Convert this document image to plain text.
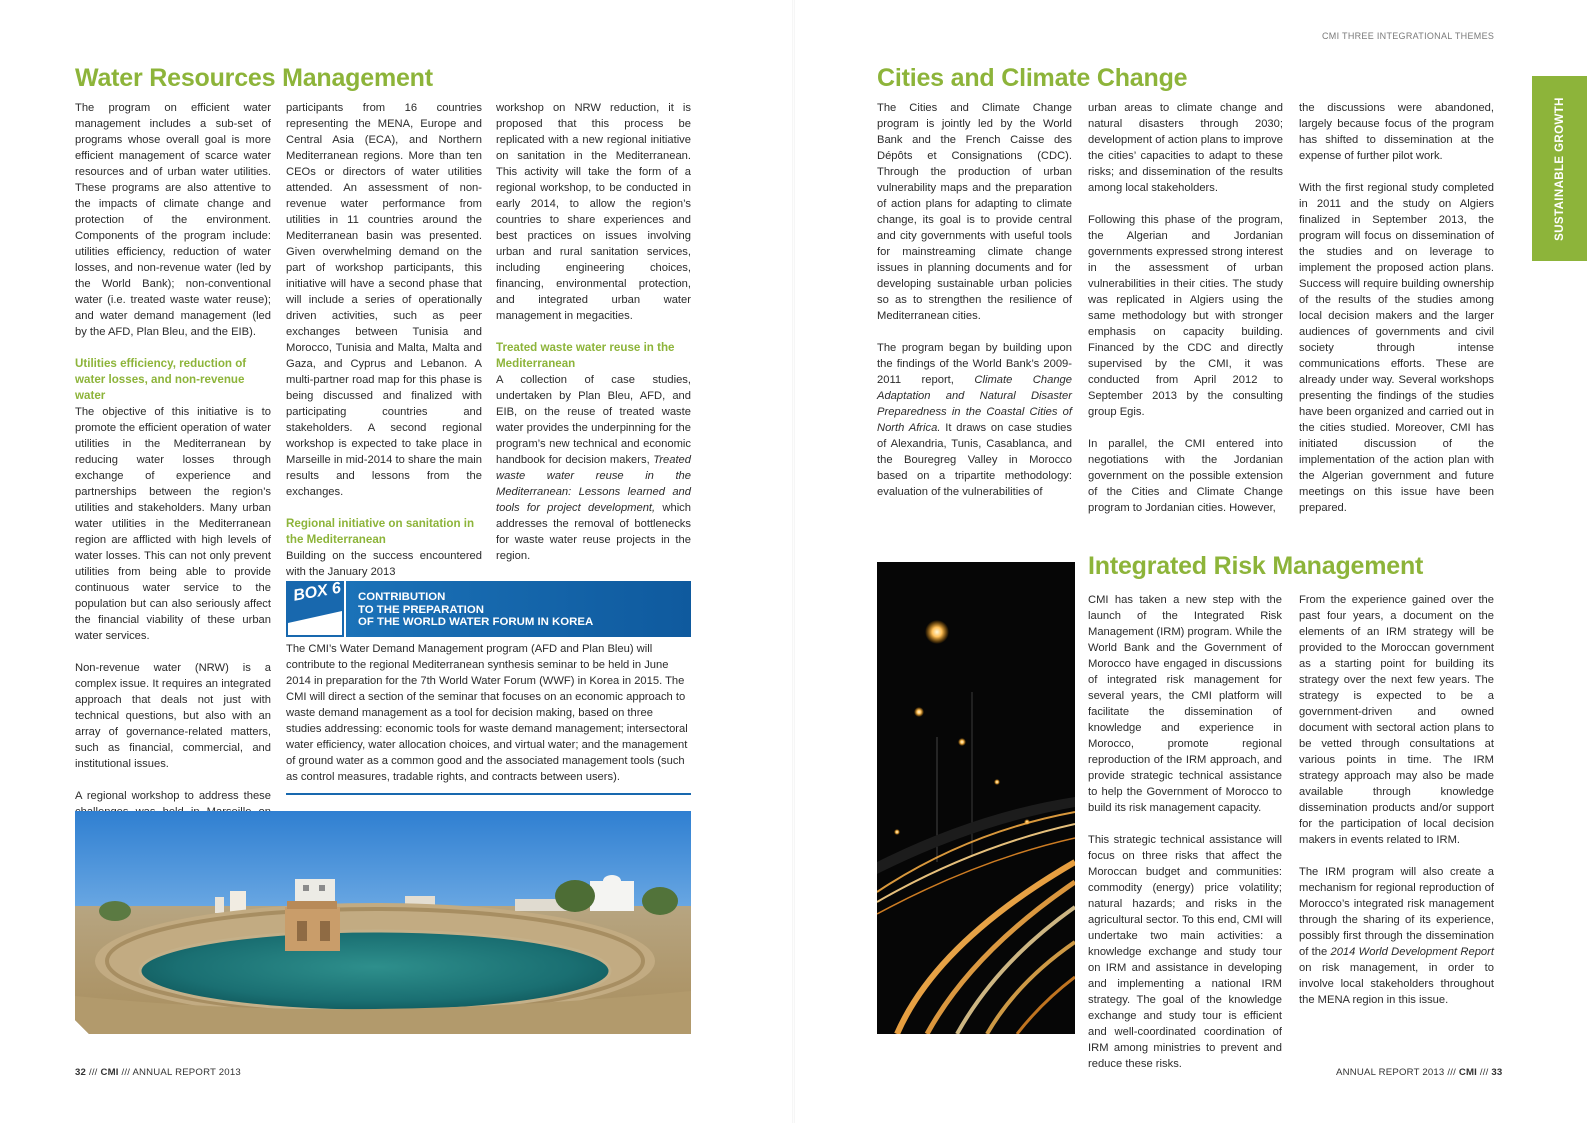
Water Resources Management

The program on efficient water management includes a sub-set of programs whose overall goal is more efficient management of scarce water resources and of urban water utilities. These programs are also attentive to the impacts of climate change and protection of the environment. Components of the program include: utilities efficiency, reduction of water losses, and non-revenue water (led by the World Bank); non-conventional water (i.e. treated waste water reuse); and water demand management (led by the AFD, Plan Bleu, and the EIB).

Utilities efficiency, reduction of water losses, and non-revenue water

The objective of this initiative is to promote the efficient operation of water utilities in the Mediterranean by reducing water losses through exchange of experience and partnerships between the region’s utilities and stakeholders. Many urban water utilities in the Mediterranean region are afflicted with high levels of water losses. This can not only prevent utilities from being able to provide continuous water service to the population but can also seriously affect the financial viability of these urban water services.

Non-revenue water (NRW) is a complex issue. It requires an integrated approach that deals not just with technical questions, but also with an array of governance-related matters, such as financial, commercial, and institutional issues.

A regional workshop to address these

participants from 16 countries representing the MENA, Europe and Central Asia (ECA), and Northern Mediterranean regions. More than ten CEOs or directors of water utilities attended. An assessment of non-revenue water performance from utilities in 11 countries around the Mediterranean basin was presented. Given overwhelming demand on the part of workshop participants, this initiative will have a second phase that will include a series of operationally driven activities, such as peer exchanges between Tunisia and Morocco, Tunisia and Malta, Malta and Gaza, and Cyprus and Lebanon. A multi-partner road map for this phase is being discussed and finalized with participating countries and stakeholders. A second regional workshop is expected to take place in Marseille in mid-2014 to share the main results and lessons from the exchanges.

Regional initiative on sanitation in the Mediterranean

Building on the success encountered with the January 2013

workshop on NRW reduction, it is proposed that this process be replicated with a new regional initiative on sanitation in the Mediterranean. This activity will take the form of a regional workshop, to be conducted in early 2014, to allow the region’s countries to share experiences and best practices on issues involving urban and rural sanitation services, including engineering choices, financing, environmental protection, and integrated urban water management in megacities.

Treated waste water reuse in the Mediterranean

A collection of case studies, undertaken by Plan Bleu, AFD, and EIB, on the reuse of treated waste water provides the underpinning for the program’s new technical and economic handbook for decision makers, Treated waste water reuse in the Mediterranean: Lessons learned and tools for project development, which addresses the removal of bottlenecks for waste water reuse projects in the region.

BOX 6 CONTRIBUTION
TO THE PREPARATION
OF THE WORLD WATER FORUM IN KOREA
The CMI’s Water Demand Management program (AFD and Plan Bleu) will contribute to the regional Mediterranean synthesis seminar to be held in June 2014 in preparation for the 7th World Water Forum (WWF) in Korea in 2015. The CMI will direct a section of the seminar that focuses on an economic approach to waste demand management as a tool for decision making, based on three studies addressing: economic tools for waste demand management; intersectoral water efficiency, water allocation choices, and virtual water; and the management of ground water as a common good and the associated management tools (such as control measures, tradable rights, and contracts between users).
32 /// CMI /// ANNUAL REPORT 2013
CMI THREE INTEGRATIONAL THEMES
SUSTAINABLE GROWTH
Cities and Climate Change

The Cities and Climate Change program is jointly led by the World Bank and the French Caisse des Dépôts et Consignations (CDC). Through the production of urban vulnerability maps and the preparation of action plans for adapting to climate change, its goal is to provide central and city governments with useful tools for mainstreaming climate change issues in planning documents and for developing sustainable urban policies so as to strengthen the resilience of Mediterranean cities.

The program began by building upon the findings of the World Bank’s 2009-2011 report, Climate Change Adaptation and Natural Disaster Preparedness in the Coastal Cities of North Africa. It draws on case studies of Alexandria, Tunis, Casablanca, and the Bouregreg Valley in Morocco based on a tripartite methodology: evaluation of the vulnerabilities of

urban areas to climate change and natural disasters through 2030; development of action plans to improve the cities’ capacities to adapt to these risks; and dissemination of the results among local stakeholders.

Following this phase of the program, the Algerian and Jordanian governments expressed strong interest in the assessment of urban vulnerabilities in their cities. The study was replicated in Algiers using the same methodology but with stronger emphasis on capacity building. Financed by the CDC and directly supervised by the CMI, it was conducted from April 2012 to September 2013 by the consulting group Egis.

In parallel, the CMI entered into negotiations with the Jordanian government on the possible extension of the Cities and Climate Change program to Jordanian cities. However,

the discussions were abandoned, largely because focus of the program has shifted to dissemination at the expense of further pilot work.

With the first regional study completed in 2011 and the study on Algiers finalized in September 2013, the program will focus on dissemination of the studies and on leverage to implement the proposed action plans. Success will require building ownership of the results of the studies among local decision makers and the larger audiences of governments and civil society through intense communications efforts. These are already under way. Several workshops presenting the findings of the studies have been organized and carried out in the cities studied. Moreover, CMI has initiated discussion of the implementation of the action plan with the Algerian government and future meetings on this issue have been prepared.

Integrated Risk Management

CMI has taken a new step with the launch of the Integrated Risk Management (IRM) program. While the World Bank and the Government of Morocco have engaged in discussions of integrated risk management for several years, the CMI platform will facilitate the dissemination of knowledge and experience in Morocco, promote regional reproduction of the IRM approach, and provide strategic technical assistance to help the Government of Morocco to build its risk management capacity.

This strategic technical assistance will focus on three risks that affect the Moroccan budget and communities: commodity (energy) price volatility; natural hazards; and risks in the agricultural sector. To this end, CMI will undertake two main activities: a knowledge exchange and study tour on IRM and assistance in developing and implementing a national IRM strategy. The goal of the knowledge exchange and study tour is efficient and well-coordinated coordination of IRM among ministries to prevent and reduce these risks.

From the experience gained over the past four years, a document on the elements of an IRM strategy will be provided to the Moroccan government as a starting point for building its strategy over the next few years. The strategy is expected to be a government-driven and owned document with sectoral action plans to be vetted through consultations at various points in time. The IRM strategy approach may also be made available through knowledge dissemination products and/or support for the participation of local decision makers in events related to IRM.

The IRM program will also create a mechanism for regional reproduction of Morocco’s integrated risk management through the sharing of its experience, possibly first through the dissemination of the 2014 World Development Report on risk management, in order to involve local stakeholders throughout the MENA region in this issue.

ANNUAL REPORT 2013 /// CMI /// 33
